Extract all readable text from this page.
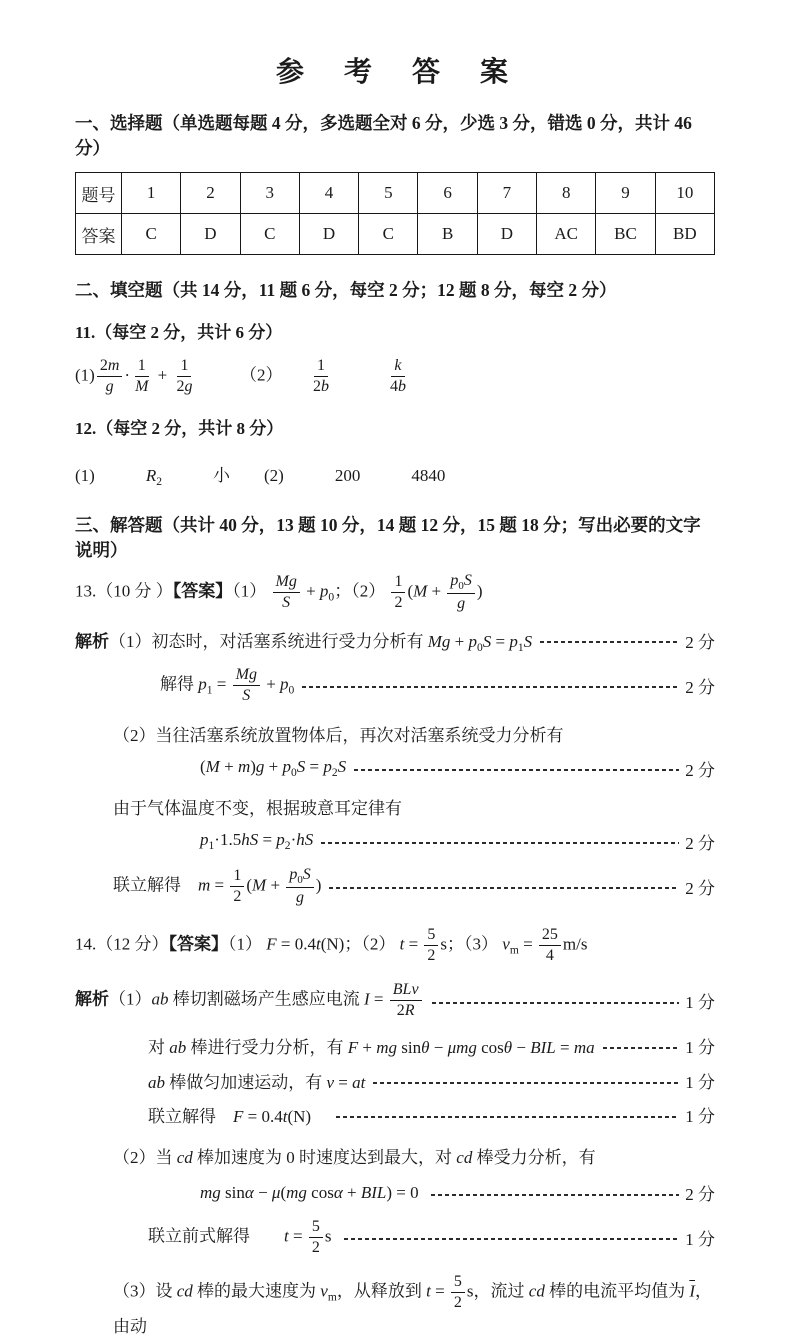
参　考　答　案
一、选择题（单选题每题 4 分，多选题全对 6 分，少选 3 分，错选 0 分，共计 46 分）
题号	1	2	3	4	5	6	7	8	9	10
答案	C	D	C	D	C	B	D	AC	BC	BD
二、填空题（共 14 分，11 题 6 分，每空 2 分；12 题 8 分，每空 2 分）
11.（每空 2 分，共计 6 分）
$(1) \frac{2m}{g} \cdot \frac{1}{M} + \frac{1}{2g}$ 　　　（2）　　 $\frac{1}{2b}$
　　　	$\frac{k}{4b}$
12.（每空 2 分，共计 8 分）
(1)　　　$R_2$　　　小　　(2)　　　200　　　4840
三、解答题（共计 40 分，13 题 10 分，14 题 12 分，15 题 18 分；写出必要的文字说明）
13.（10 分 ）【答案】$(1) \frac{Mg}{S} + p_0$；$(2) \frac{1}{2} (M + \frac{p_0S}{g}$ )
解析（1）初态时，对活塞系统进行受力分析有 $Mg + p_0S = p_1S$	2 分
解得 $p_1 = \frac{Mg}{S} + p_0$	2 分
（2）当往活塞系统放置物体后，再次对活塞系统受力分析有
$(M + m)g + p_0S = p_2S$	2 分
由于气体温度不变，根据玻意耳定律有
$p_1\cdot 1.5hS = p_2\cdot hS$	2 分
联立解得　$m = \frac{1}{2} (M + \frac{p_0S}{g}$ )	2 分
14.（12 分）【答案】（1） F = 0.4t(N)；（2） $t = \frac{5}{2}$ s；（3） $v_m = \frac{25}{4} m/s$
解析（1）ab 棒切割磁场产生感应电流 $I = \frac{\text{BLv}}{2R}$	1 分
对 ab 棒进行受力分析，有 F + mg sinθ − μmg cosθ − BIL = ma	1 分
ab 棒做匀加速运动，有 v = at	1 分
联立解得　F = 0.4t(N)　	1 分
（2）当 cd 棒加速度为 0 时速度达到最大，对 cd 棒受力分析，有
mg sinα − μ(mg cosα + BIL) = 0	2 分
联立前式解得　　$t = \frac{5}{2}$ s	1 分
（3）设 cd 棒的最大速度为 $v_m$，从释放到 $t = \frac{5}{2}$ s，流过 cd 棒的电流平均值为 $\overline{I}$，由动
